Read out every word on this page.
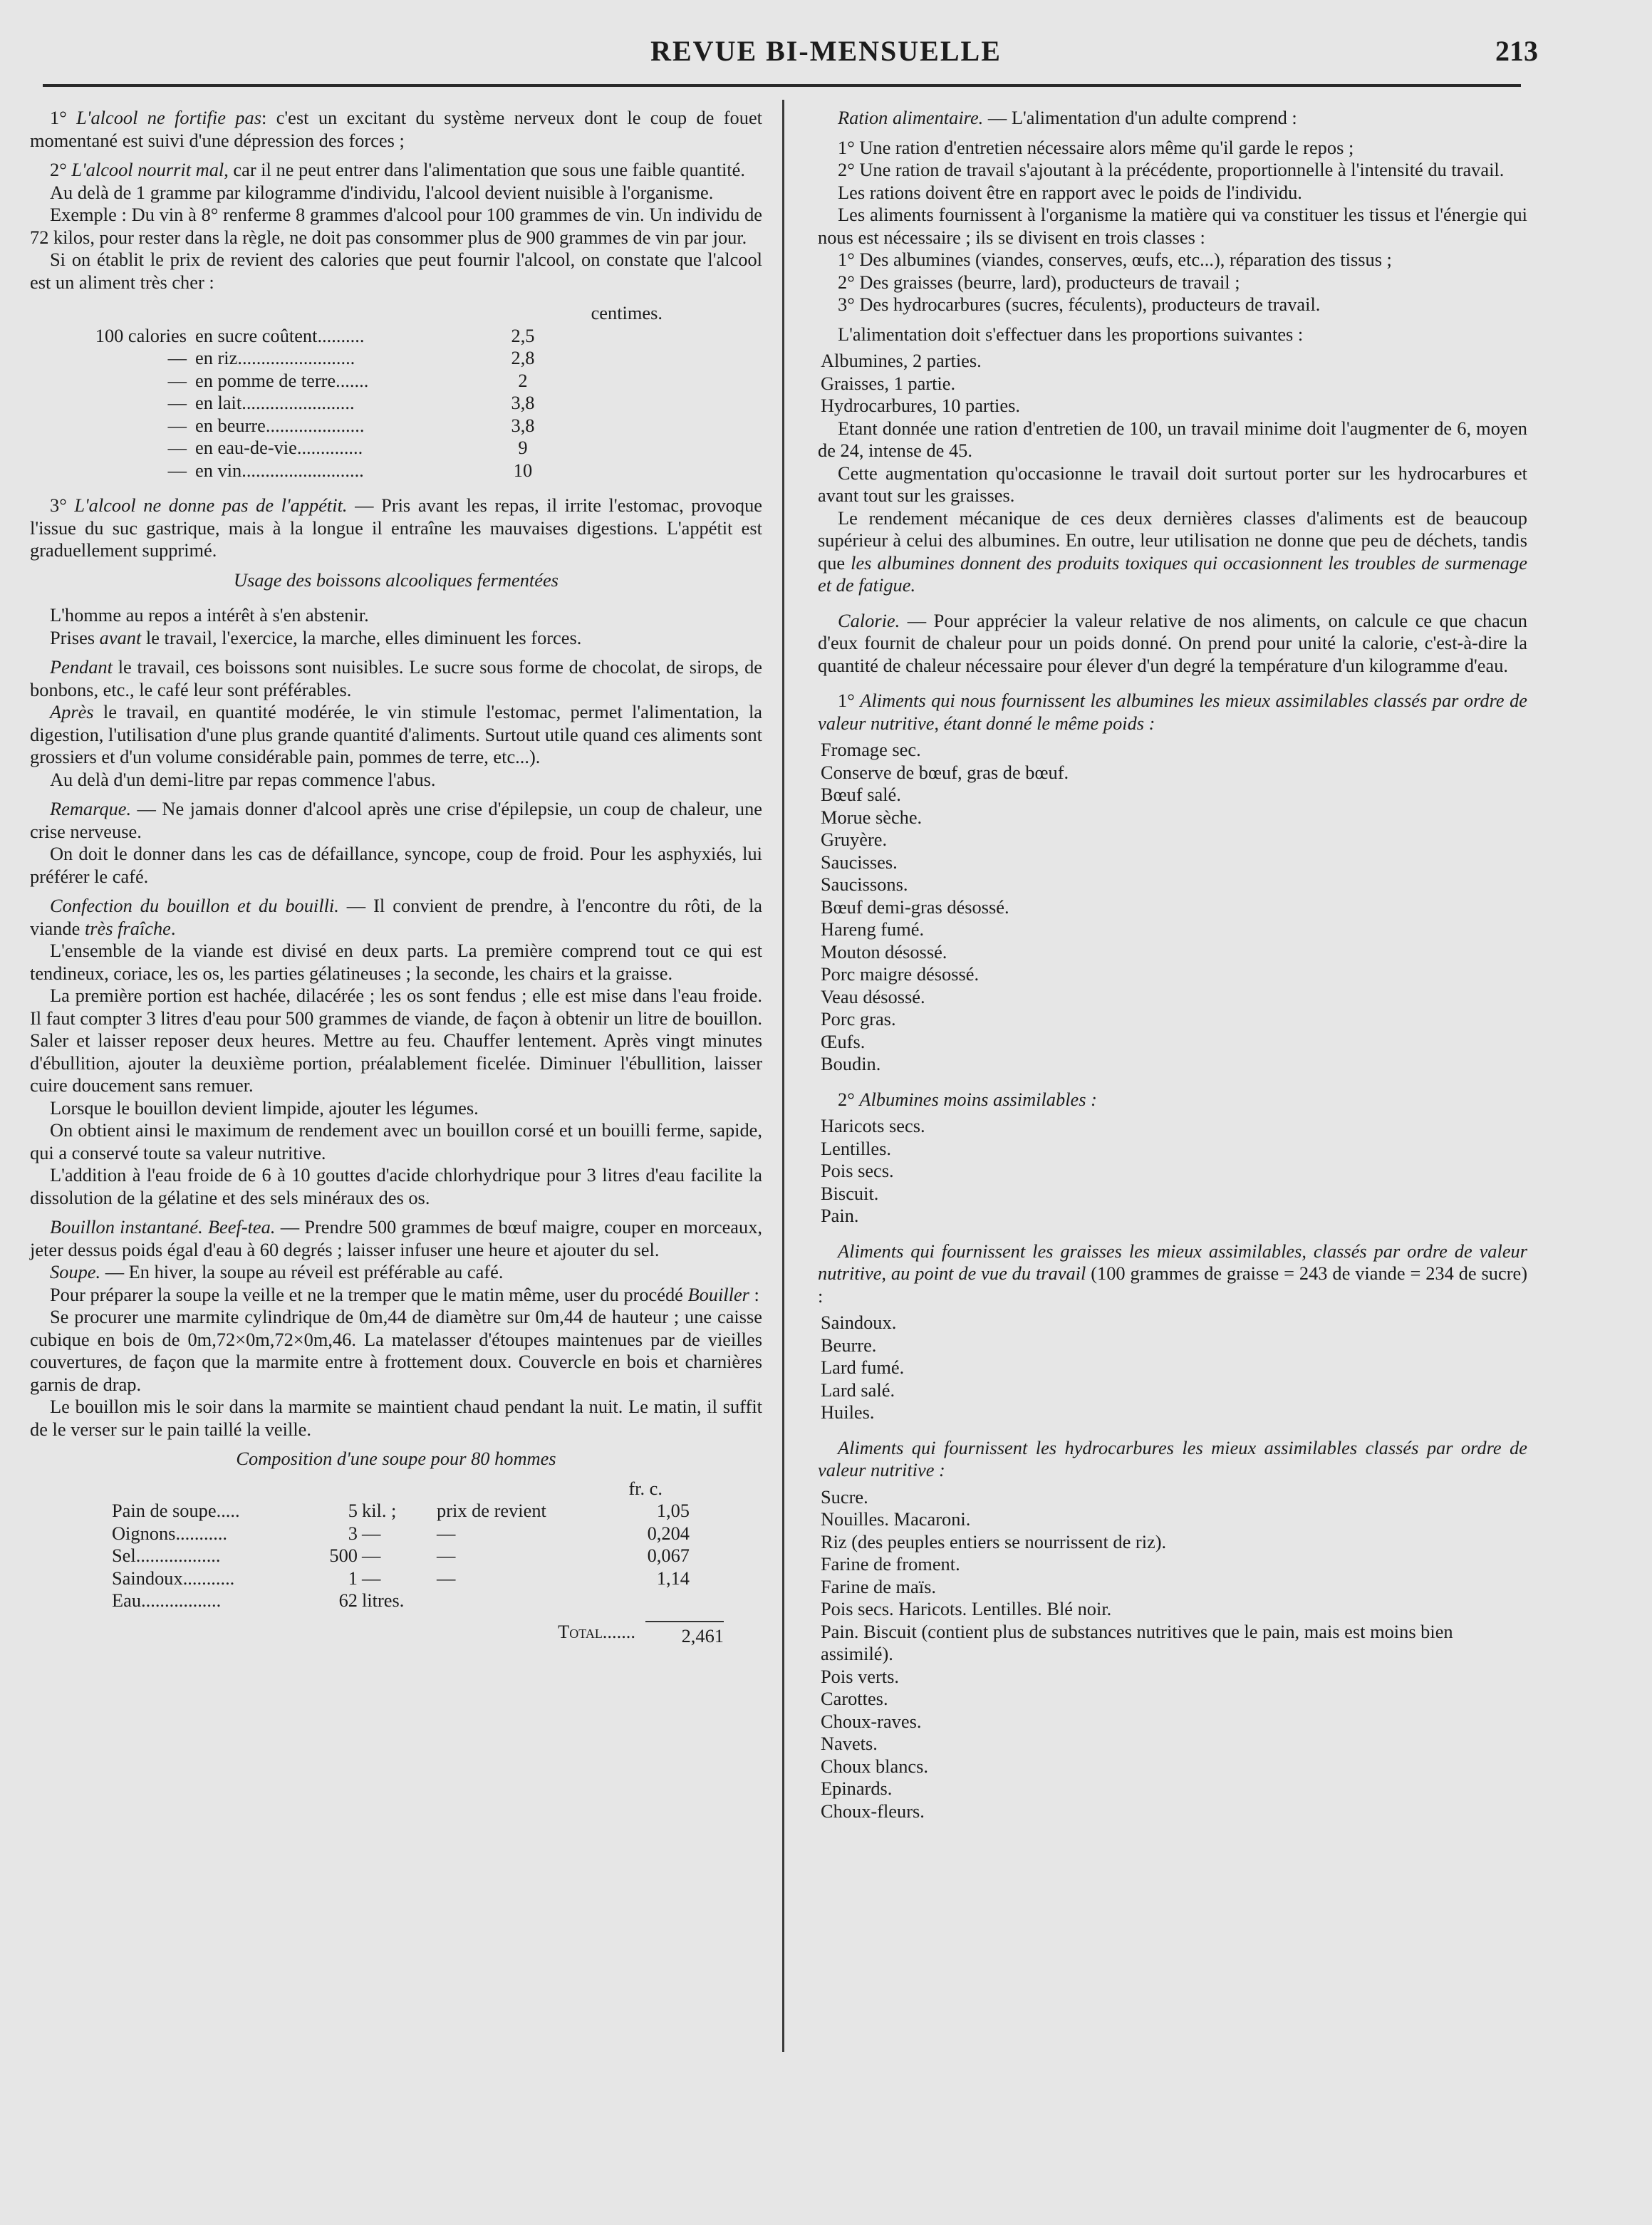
REVUE BI-MENSUELLE	213

1° L'alcool ne fortifie pas: c'est un excitant du système nerveux dont le coup de fouet momentané est suivi d'une dépression des forces ;

2° L'alcool nourrit mal, car il ne peut entrer dans l'alimentation que sous une faible quantité.

Au delà de 1 gramme par kilogramme d'individu, l'alcool devient nuisible à l'organisme.

Exemple : Du vin à 8° renferme 8 grammes d'alcool pour 100 grammes de vin. Un individu de 72 kilos, pour rester dans la règle, ne doit pas consommer plus de 900 grammes de vin par jour.

Si on établit le prix de revient des calories que peut fournir l'alcool, on constate que l'alcool est un aliment très cher :

centimes.
100 calories en sucre coûtent..........	2,5
— en riz.........................	2,8
— en pomme de terre.......	2
— en lait........................	3,8
— en beurre.....................	3,8
— en eau-de-vie..............	9
— en vin..........................	10

3° L'alcool ne donne pas de l'appétit. — Pris avant les repas, il irrite l'estomac, provoque l'issue du suc gastrique, mais à la longue il entraîne les mauvaises digestions. L'appétit est graduellement supprimé.

Usage des boissons alcooliques fermentées

L'homme au repos a intérêt à s'en abstenir.

Prises avant le travail, l'exercice, la marche, elles diminuent les forces.

Pendant le travail, ces boissons sont nuisibles. Le sucre sous forme de chocolat, de sirops, de bonbons, etc., le café leur sont préférables.

Après le travail, en quantité modérée, le vin stimule l'estomac, permet l'alimentation, la digestion, l'utilisation d'une plus grande quantité d'aliments. Surtout utile quand ces aliments sont grossiers et d'un volume considérable pain, pommes de terre, etc...).

Au delà d'un demi-litre par repas commence l'abus.

Remarque. — Ne jamais donner d'alcool après une crise d'épilepsie, un coup de chaleur, une crise nerveuse.

On doit le donner dans les cas de défaillance, syncope, coup de froid. Pour les asphyxiés, lui préférer le café.

Confection du bouillon et du bouilli. — Il convient de prendre, à l'encontre du rôti, de la viande très fraîche.

L'ensemble de la viande est divisé en deux parts. La première comprend tout ce qui est tendineux, coriace, les os, les parties gélatineuses ; la seconde, les chairs et la graisse.

La première portion est hachée, dilacérée ; les os sont fendus ; elle est mise dans l'eau froide. Il faut compter 3 litres d'eau pour 500 grammes de viande, de façon à obtenir un litre de bouillon. Saler et laisser reposer deux heures. Mettre au feu. Chauffer lentement. Après vingt minutes d'ébullition, ajouter la deuxième portion, préalablement ficelée. Diminuer l'ébullition, laisser cuire doucement sans remuer.

Lorsque le bouillon devient limpide, ajouter les légumes.

On obtient ainsi le maximum de rendement avec un bouillon corsé et un bouilli ferme, sapide, qui a conservé toute sa valeur nutritive.

L'addition à l'eau froide de 6 à 10 gouttes d'acide chlorhydrique pour 3 litres d'eau facilite la dissolution de la gélatine et des sels minéraux des os.

Bouillon instantané. Beef-tea. — Prendre 500 grammes de bœuf maigre, couper en morceaux, jeter dessus poids égal d'eau à 60 degrés ; laisser infuser une heure et ajouter du sel.

Soupe. — En hiver, la soupe au réveil est préférable au café.

Pour préparer la soupe la veille et ne la tremper que le matin même, user du procédé Bouiller :

Se procurer une marmite cylindrique de 0m,44 de diamètre sur 0m,44 de hauteur ; une caisse cubique en bois de 0m,72×0m,72×0m,46. La matelasser d'étoupes maintenues par de vieilles couvertures, de façon que la marmite entre à frottement doux. Couvercle en bois et charnières garnis de drap.

Le bouillon mis le soir dans la marmite se maintient chaud pendant la nuit. Le matin, il suffit de le verser sur le pain taillé la veille.

Composition d'une soupe pour 80 hommes

fr. c.
Pain de soupe.....	5 kil. ;	prix de revient	1,05
Oignons...........	3 —	—	0,204
Sel..................	500 —	—	0,067
Saindoux...........	1 —	—	1,14
Eau.................	62 litres.
Total.......	2,461

Ration alimentaire. — L'alimentation d'un adulte comprend :

1° Une ration d'entretien nécessaire alors même qu'il garde le repos ;

2° Une ration de travail s'ajoutant à la précédente, proportionnelle à l'intensité du travail.

Les rations doivent être en rapport avec le poids de l'individu.

Les aliments fournissent à l'organisme la matière qui va constituer les tissus et l'énergie qui nous est nécessaire ; ils se divisent en trois classes :

1° Des albumines (viandes, conserves, œufs, etc...), réparation des tissus ;

2° Des graisses (beurre, lard), producteurs de travail ;

3° Des hydrocarbures (sucres, féculents), producteurs de travail.

L'alimentation doit s'effectuer dans les proportions suivantes :

Albumines, 2 parties.

Graisses, 1 partie.

Hydrocarbures, 10 parties.

Etant donnée une ration d'entretien de 100, un travail minime doit l'augmenter de 6, moyen de 24, intense de 45.

Cette augmentation qu'occasionne le travail doit surtout porter sur les hydrocarbures et avant tout sur les graisses.

Le rendement mécanique de ces deux dernières classes d'aliments est de beaucoup supérieur à celui des albumines. En outre, leur utilisation ne donne que peu de déchets, tandis que les albumines donnent des produits toxiques qui occasionnent les troubles de surmenage et de fatigue.

Calorie. — Pour apprécier la valeur relative de nos aliments, on calcule ce que chacun d'eux fournit de chaleur pour un poids donné. On prend pour unité la calorie, c'est-à-dire la quantité de chaleur nécessaire pour élever d'un degré la température d'un kilogramme d'eau.

1° Aliments qui nous fournissent les albumines les mieux assimilables classés par ordre de valeur nutritive, étant donné le même poids :

Fromage sec.

Conserve de bœuf, gras de bœuf.

Bœuf salé.

Morue sèche.

Gruyère.

Saucisses.

Saucissons.

Bœuf demi-gras désossé.

Hareng fumé.

Mouton désossé.

Porc maigre désossé.

Veau désossé.

Porc gras.

Œufs.

Boudin.

2° Albumines moins assimilables :

Haricots secs.

Lentilles.

Pois secs.

Biscuit.

Pain.

Aliments qui fournissent les graisses les mieux assimilables, classés par ordre de valeur nutritive, au point de vue du travail (100 grammes de graisse = 243 de viande = 234 de sucre) :

Saindoux.

Beurre.

Lard fumé.

Lard salé.

Huiles.

Aliments qui fournissent les hydrocarbures les mieux assimilables classés par ordre de valeur nutritive :

Sucre.

Nouilles. Macaroni.

Riz (des peuples entiers se nourrissent de riz).

Farine de froment.

Farine de maïs.

Pois secs. Haricots. Lentilles. Blé noir.

Pain. Biscuit (contient plus de substances nutritives que le pain, mais est moins bien assimilé).

Pois verts.

Carottes.

Choux-raves.

Navets.

Choux blancs.

Epinards.

Choux-fleurs.
